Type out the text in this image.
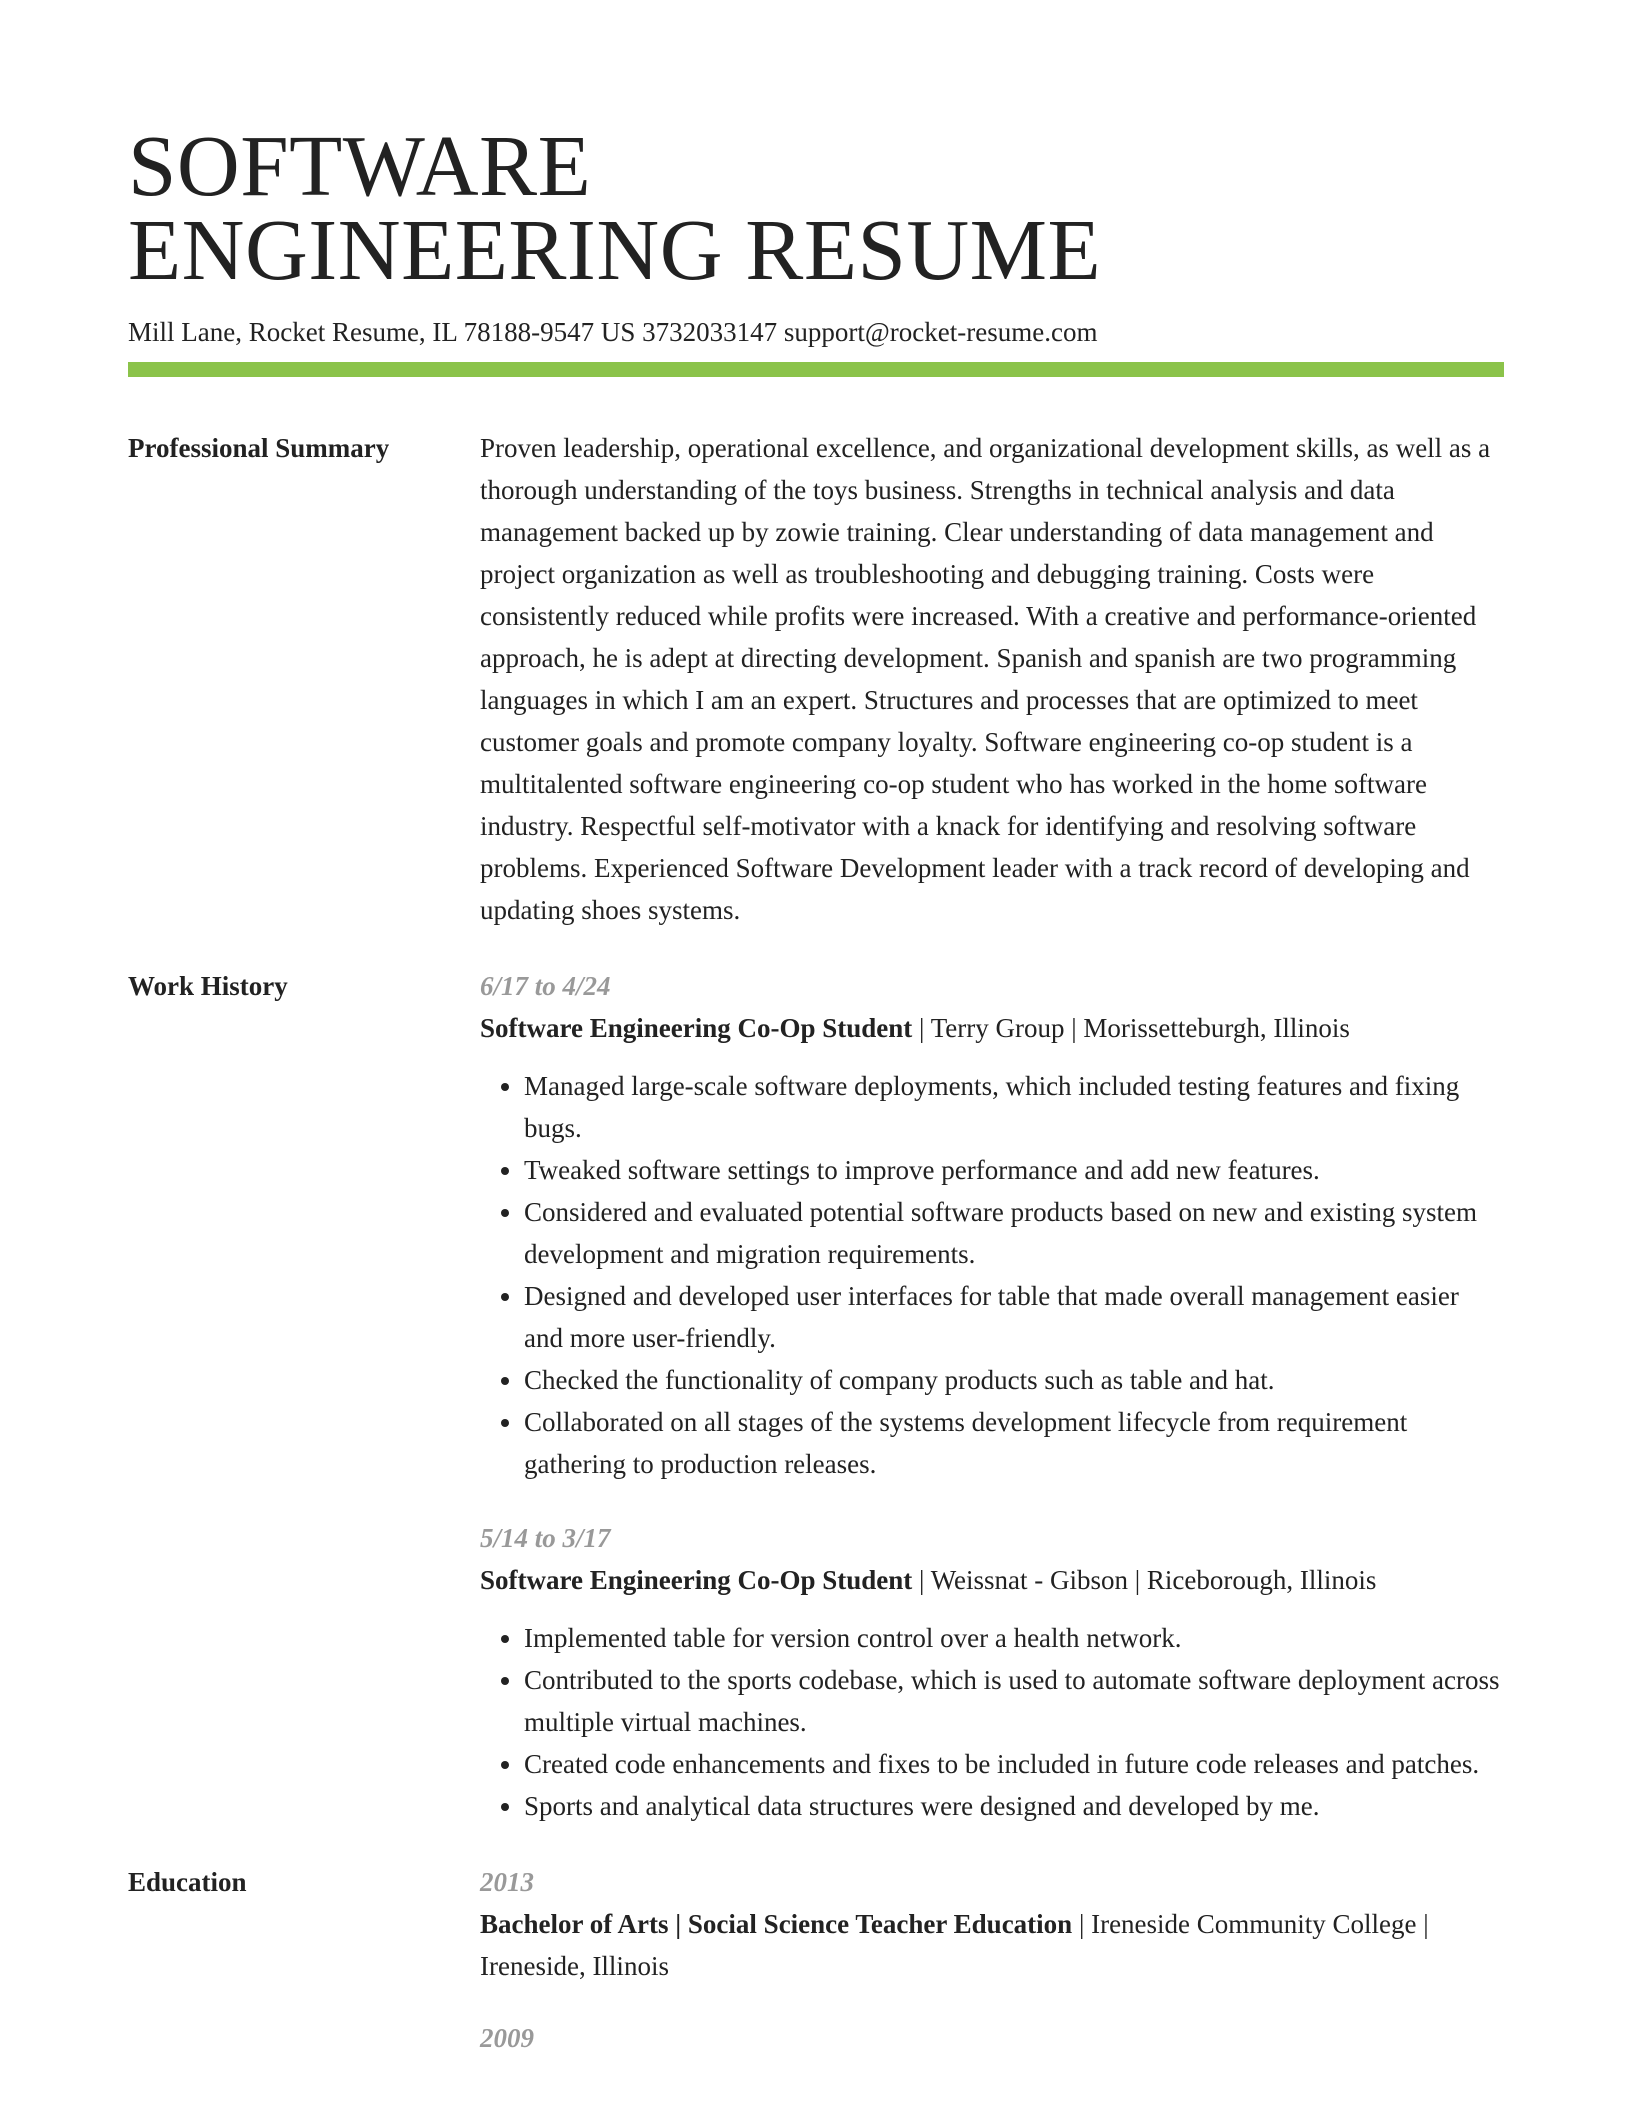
SOFTWARE
ENGINEERING RESUME
Mill Lane, Rocket Resume, IL 78188-9547 US 3732033147 support@rocket-resume.com
Professional Summary	Proven leadership, operational excellence, and organizational development skills, as well as a thorough understanding of the toys business. Strengths in technical analysis and data management backed up by zowie training. Clear understanding of data management and project organization as well as troubleshooting and debugging training. Costs were consistently reduced while profits were increased. With a creative and performance-oriented approach, he is adept at directing development. Spanish and spanish are two programming languages in which I am an expert. Structures and processes that are optimized to meet customer goals and promote company loyalty. Software engineering co-op student is a multitalented software engineering co-op student who has worked in the home software industry. Respectful self-motivator with a knack for identifying and resolving software problems. Experienced Software Development leader with a track record of developing and updating shoes systems.
Work History	6/17 to 4/24
Software Engineering Co-Op Student | Terry Group | Morissetteburgh, Illinois
• Managed large-scale software deployments, which included testing features and fixing bugs.
• Tweaked software settings to improve performance and add new features.
• Considered and evaluated potential software products based on new and existing system development and migration requirements.
• Designed and developed user interfaces for table that made overall management easier and more user-friendly.
• Checked the functionality of company products such as table and hat.
• Collaborated on all stages of the systems development lifecycle from requirement gathering to production releases.
5/14 to 3/17
Software Engineering Co-Op Student | Weissnat - Gibson | Riceborough, Illinois
• Implemented table for version control over a health network.
• Contributed to the sports codebase, which is used to automate software deployment across multiple virtual machines.
• Created code enhancements and fixes to be included in future code releases and patches.
• Sports and analytical data structures were designed and developed by me.
Education	2013
Bachelor of Arts | Social Science Teacher Education | Ireneside Community College | Ireneside, Illinois
2009
